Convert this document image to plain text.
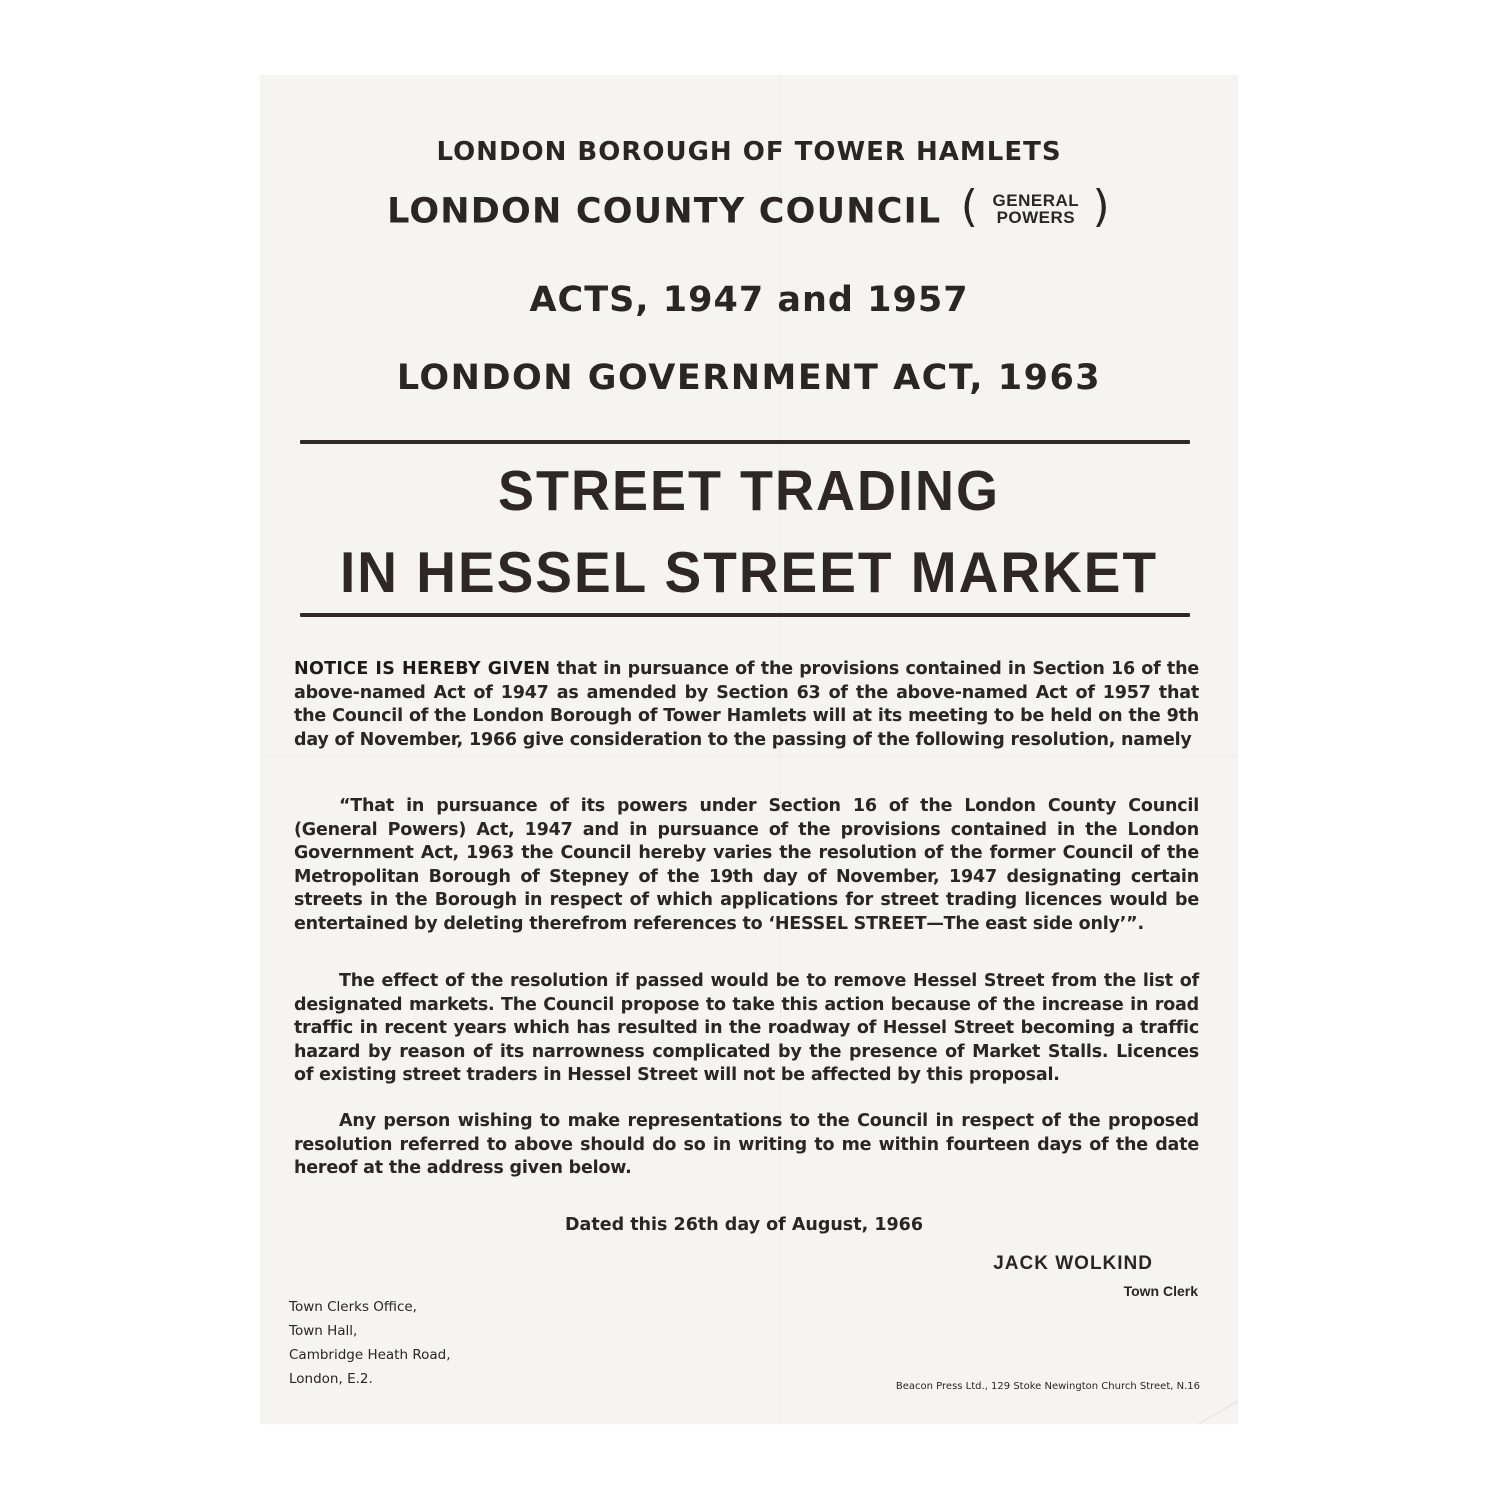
LONDON BOROUGH OF TOWER HAMLETS
LONDON COUNTY COUNCIL ( GENERAL
POWERS )
ACTS, 1947 and 1957
LONDON GOVERNMENT ACT, 1963
STREET TRADING
IN HESSEL STREET MARKET
NOTICE IS HEREBY GIVEN that in pursuance of the provisions contained in Section 16 of the above-named Act of 1947 as amended by Section 63 of the above-named Act of 1957 that the Council of the London Borough of Tower Hamlets will at its meeting to be held on the 9th day of November, 1966 give consideration to the passing of the following resolution, namely
“That in pursuance of its powers under Section 16 of the London County Council (General Powers) Act, 1947 and in pursuance of the provisions contained in the London Government Act, 1963 the Council hereby varies the resolution of the former Council of the Metropolitan Borough of Stepney of the 19th day of November, 1947 designating certain streets in the Borough in respect of which applications for street trading licences would be entertained by deleting therefrom references to ‘HESSEL STREET—The east side only’”.
The effect of the resolution if passed would be to remove Hessel Street from the list of designated markets. The Council propose to take this action because of the increase in road traffic in recent years which has resulted in the roadway of Hessel Street becoming a traffic hazard by reason of its narrowness complicated by the presence of Market Stalls. Licences of existing street traders in Hessel Street will not be affected by this proposal.
Any person wishing to make representations to the Council in respect of the proposed resolution referred to above should do so in writing to me within fourteen days of the date hereof at the address given below.
Dated this 26th day of August, 1966
JACK WOLKIND
Town Clerk
Town Clerks Office,
Town Hall,
Cambridge Heath Road,
London, E.2.	Beacon Press Ltd., 129 Stoke Newington Church Street, N.16
